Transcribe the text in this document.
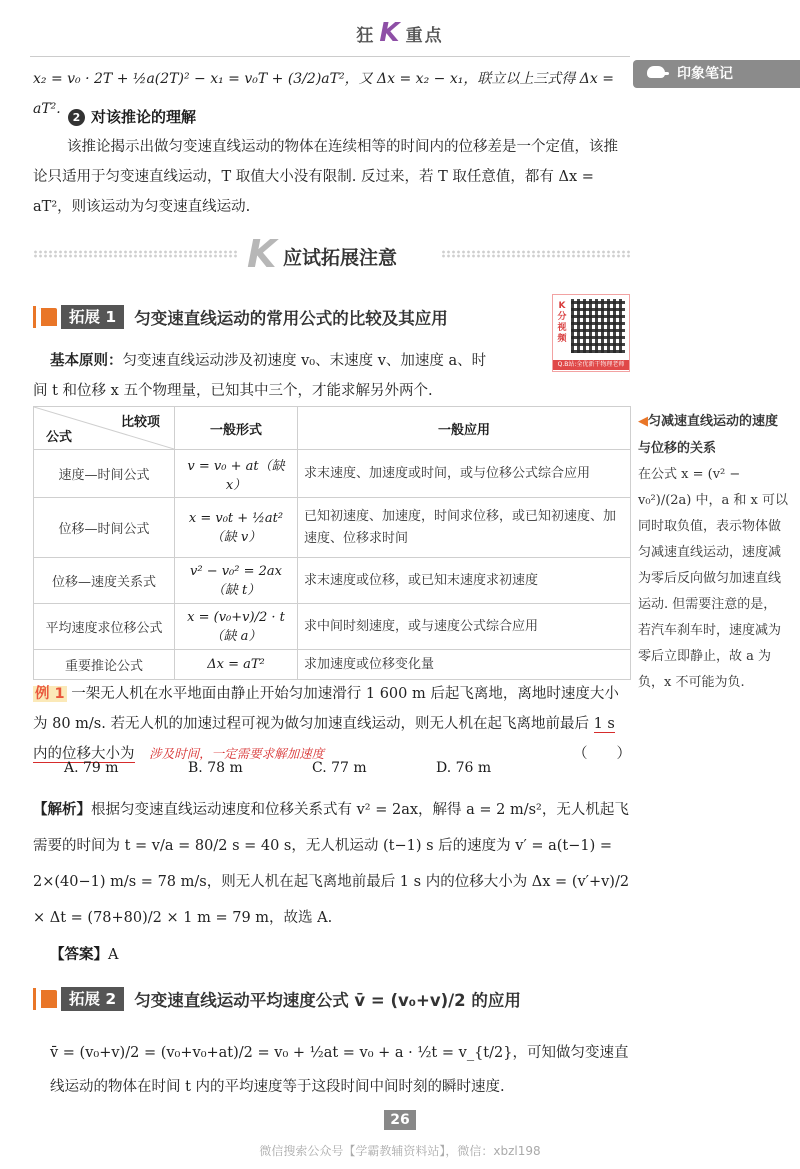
狂 K 重点
印象笔记
x₂ = v₀ · 2T + ½a(2T)² − x₁ = v₀T + (3/2)aT²，又 Δx = x₂ − x₁，联立以上三式得 Δx = aT².
2 对该推论的理解
该推论揭示出做匀变速直线运动的物体在连续相等的时间内的位移差是一个定值，该推论只适用于匀变速直线运动，T 取值大小没有限制. 反过来，若 T 取任意值，都有 Δx = aT²，则该运动为匀变速直线运动.
K 应试拓展注意
拓展 1	匀变速直线运动的常用公式的比较及其应用
K分视频
Q.B站:全优新干物理老师
基本原则：匀变速直线运动涉及初速度 v₀、末速度 v、加速度 a、时
间 t 和位移 x 五个物理量，已知其中三个，才能求解另外两个.
比较项
公式	一般形式	一般应用
速度—时间公式	v = v₀ + at（缺 x）	求末速度、加速度或时间，或与位移公式综合应用
位移—时间公式	x = v₀t + ½at²（缺 v）	已知初速度、加速度，时间求位移，或已知初速度、加速度、位移求时间
位移—速度关系式	v² − v₀² = 2ax（缺 t）	求末速度或位移，或已知末速度求初速度
平均速度求位移公式	x = (v₀+v)/2 · t（缺 a）	求中间时刻速度，或与速度公式综合应用
重要推论公式	Δx = aT²	求加速度或位移变化量
例 1 一架无人机在水平地面由静止开始匀加速滑行 1 600 m 后起飞离地，离地时速度大小为 80 m/s. 若无人机的加速过程可视为做匀加速直线运动，则无人机在起飞离地前最后 1 s 内的位移大小为 涉及时间，一定需要求解加速度	（　　）
A. 79 m	B. 78 m	C. 77 m	D. 76 m
【解析】根据匀变速直线运动速度和位移关系式有 v² = 2ax，解得 a = 2 m/s²，无人机起飞需要的时间为 t = v/a = 80/2 s = 40 s，无人机运动 (t−1) s 后的速度为 v′ = a(t−1) = 2×(40−1) m/s = 78 m/s，则无人机在起飞离地前最后 1 s 内的位移大小为 Δx = (v′+v)/2 × Δt = (78+80)/2 × 1 m = 79 m，故选 A.
【答案】A
拓展 2	匀变速直线运动平均速度公式 v̄ = (v₀+v)/2 的应用
v̄ = (v₀+v)/2 = (v₀+v₀+at)/2 = v₀ + ½at = v₀ + a · ½t = v_{t/2}，可知做匀变速直线运动的物体在时间 t 内的平均速度等于这段时间中间时刻的瞬时速度.
◀匀减速直线运动的速度与位移的关系
在公式 x = (v² − v₀²)/(2a) 中，a 和 x 可以同时取负值，表示物体做匀减速直线运动，速度减为零后反向做匀加速直线运动. 但需要注意的是，若汽车刹车时，速度减为零后立即静止，故 a 为负，x 不可能为负.
26
微信搜索公众号【学霸教辅资料站】，微信：xbzl198
